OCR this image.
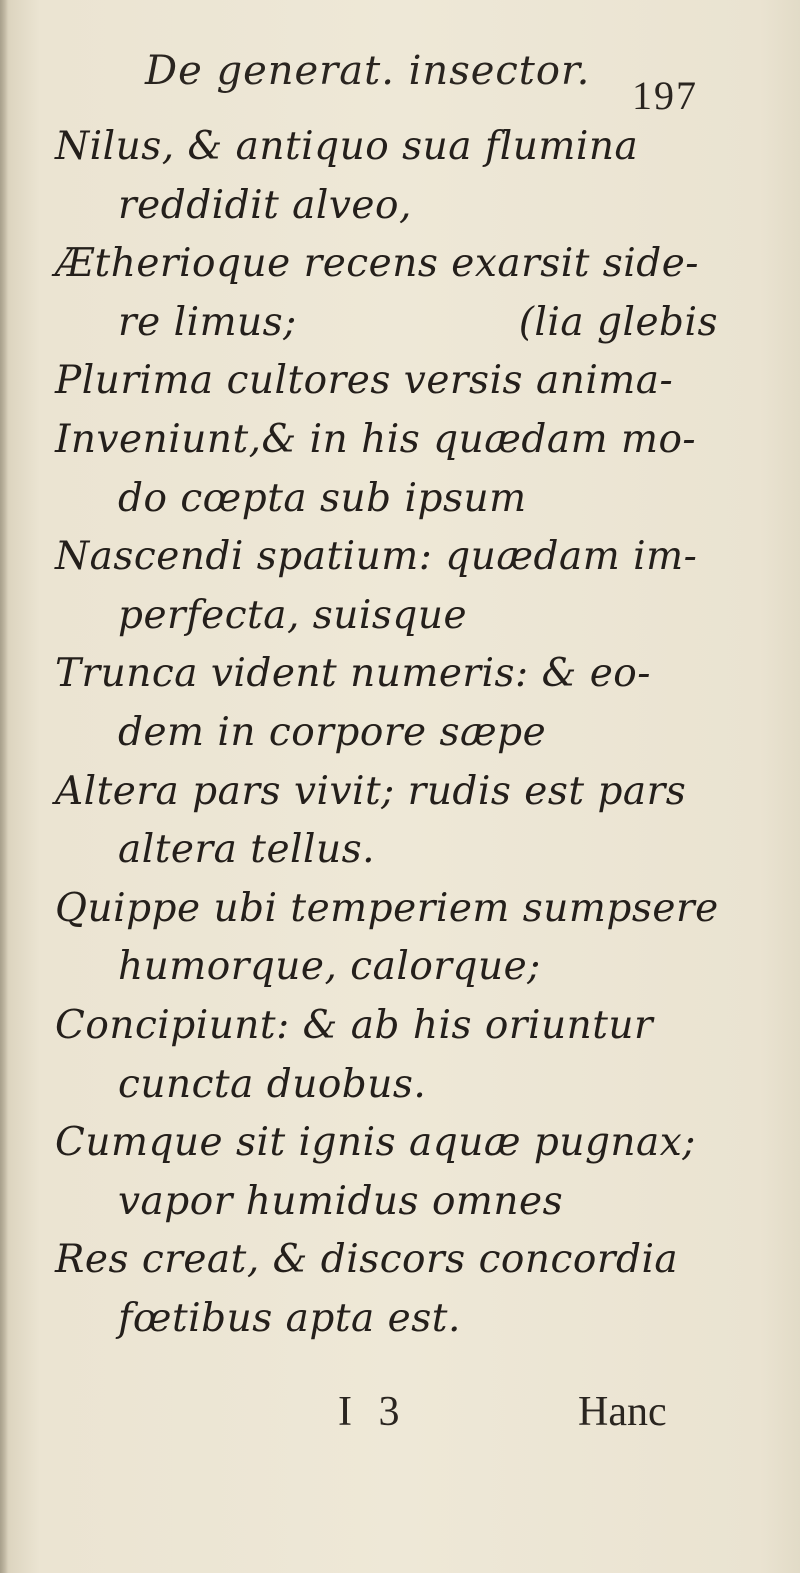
De generat. insector.
197
Nilus, & antiquo sua flumina
reddidit alveo,
Ætherioque recens exarsit side-
re limus;	(lia glebis
Plurima cultores versis anima-
Inveniunt,& in his quædam mo-
do cœpta sub ipsum
Nascendi spatium: quædam im-
perfecta, suisque
Trunca vident numeris: & eo-
dem in corpore sæpe
Altera pars vivit; rudis est pars
altera tellus.
Quippe ubi temperiem sumpsere
humorque, calorque;
Concipiunt: & ab his oriuntur
cuncta duobus.
Cumque sit ignis aquæ pugnax;
vapor humidus omnes
Res creat, & discors concordia
fœtibus apta est.
I 3	Hanc
